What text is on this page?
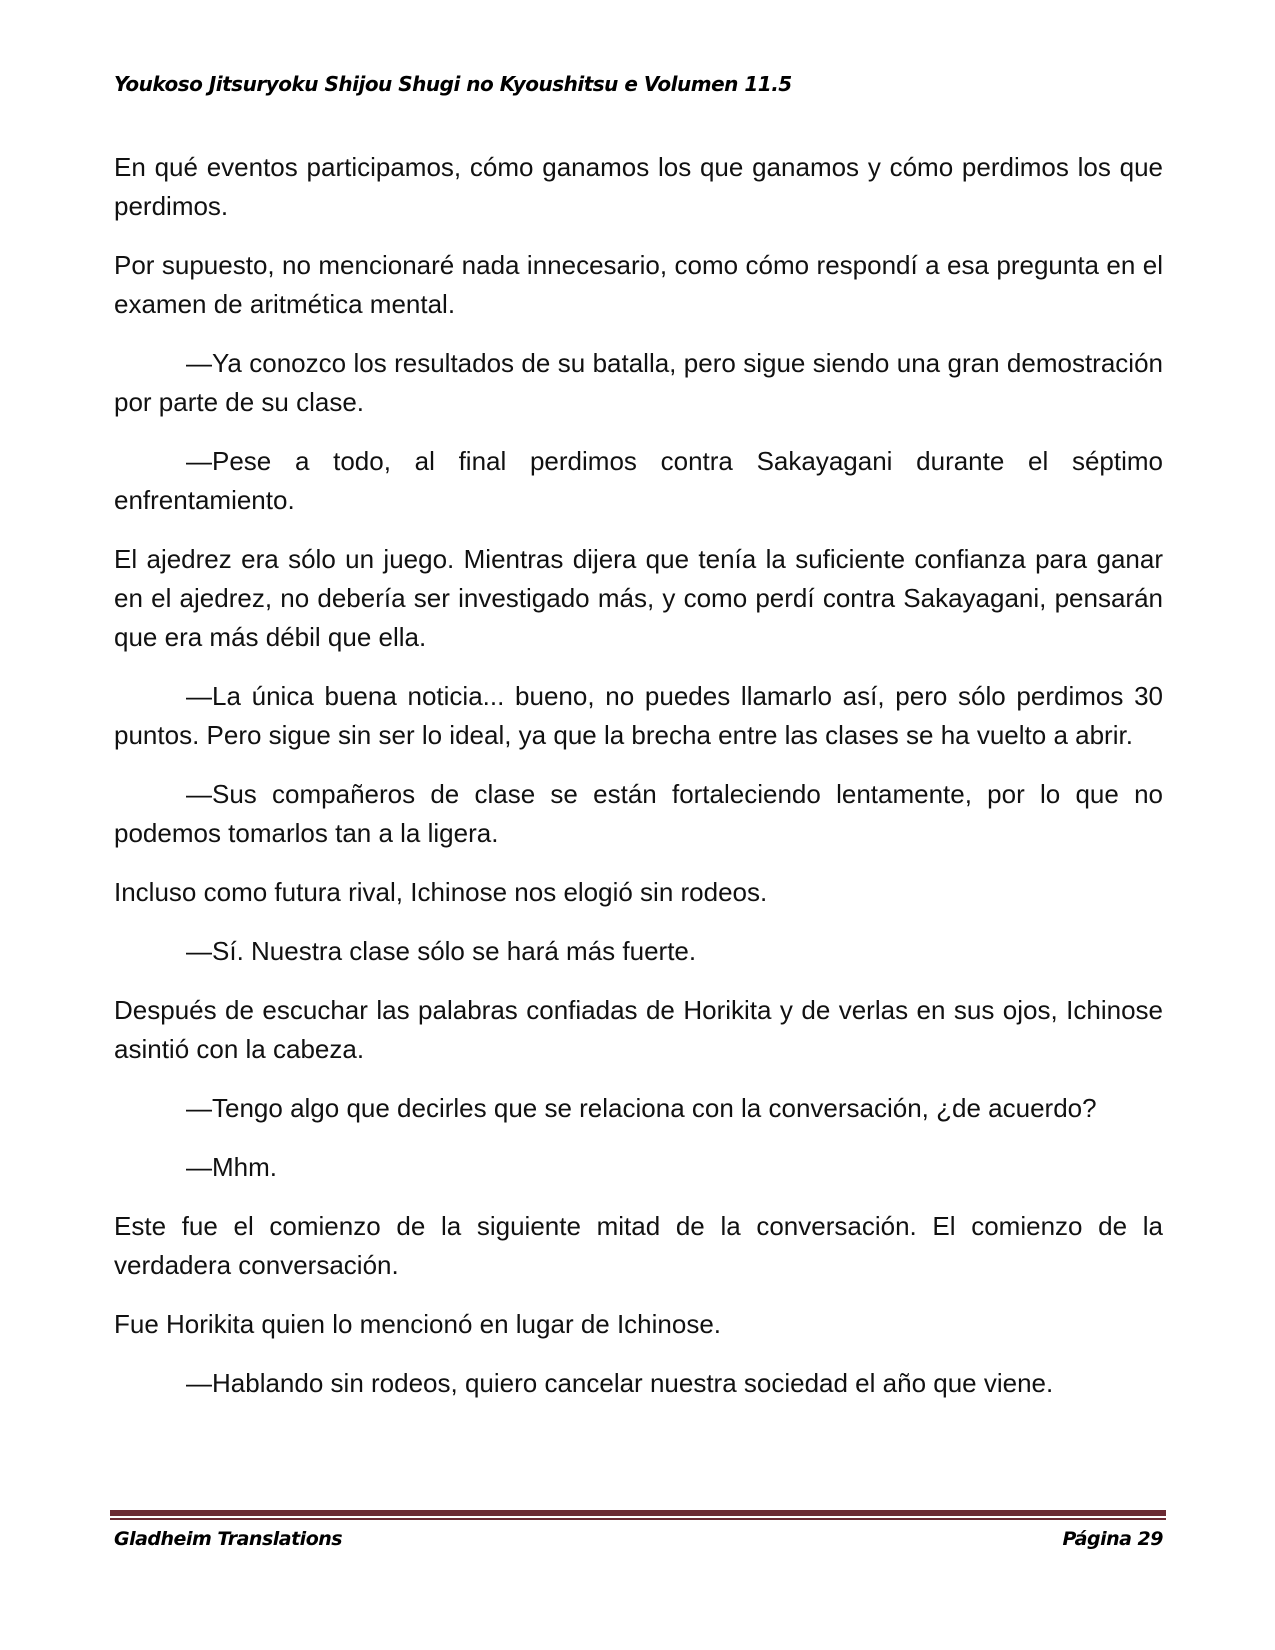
Youkoso Jitsuryoku Shijou Shugi no Kyoushitsu e Volumen 11.5

En qué eventos participamos, cómo ganamos los que ganamos y cómo perdimos los que perdimos.

Por supuesto, no mencionaré nada innecesario, como cómo respondí a esa pregunta en el examen de aritmética mental.

—Ya conozco los resultados de su batalla, pero sigue siendo una gran demostración por parte de su clase.

—Pese a todo, al final perdimos contra Sakayagani durante el séptimo enfrentamiento.

El ajedrez era sólo un juego. Mientras dijera que tenía la suficiente confianza para ganar en el ajedrez, no debería ser investigado más, y como perdí contra Sakayagani, pensarán que era más débil que ella.

—La única buena noticia... bueno, no puedes llamarlo así, pero sólo perdimos 30 puntos. Pero sigue sin ser lo ideal, ya que la brecha entre las clases se ha vuelto a abrir.

—Sus compañeros de clase se están fortaleciendo lentamente, por lo que no podemos tomarlos tan a la ligera.

Incluso como futura rival, Ichinose nos elogió sin rodeos.

—Sí. Nuestra clase sólo se hará más fuerte.

Después de escuchar las palabras confiadas de Horikita y de verlas en sus ojos, Ichinose asintió con la cabeza.

—Tengo algo que decirles que se relaciona con la conversación, ¿de acuerdo?

—Mhm.

Este fue el comienzo de la siguiente mitad de la conversación. El comienzo de la verdadera conversación.

Fue Horikita quien lo mencionó en lugar de Ichinose.

—Hablando sin rodeos, quiero cancelar nuestra sociedad el año que viene.

Gladheim Translations	Página 29
